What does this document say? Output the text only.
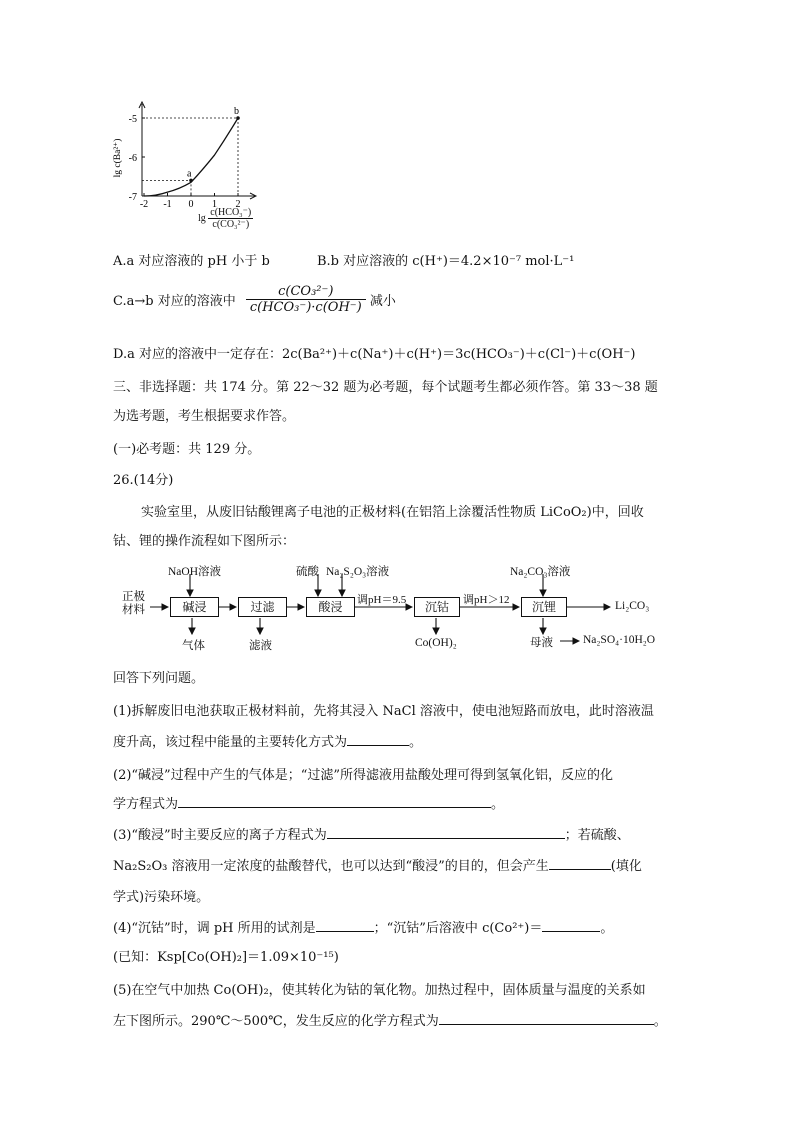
-5
-6
-7
-2 -1 0 1 2
a
b
lg c(Ba²⁺)
lg
c(HCO₃⁻)
c(CO₃²⁻)
A.a 对应溶液的 pH 小于 b	B.b 对应溶液的 c(H⁺)＝4.2×10⁻⁷ mol·L⁻¹
C.a→b 对应的溶液中 $\frac{\text{c(CO₃²⁻)}}{\text{c(HCO₃⁻)·c(OH⁻)}}$ 减小
D.a 对应的溶液中一定存在：2c(Ba²⁺)＋c(Na⁺)＋c(H⁺)＝3c(HCO₃⁻)＋c(Cl⁻)＋c(OH⁻)
三、非选择题：共 174 分。第 22～32 题为必考题，每个试题考生都必须作答。第 33～38 题
为选考题，考生根据要求作答。
(一)必考题：共 129 分。
26.(14分)
实验室里，从废旧钴酸锂离子电池的正极材料(在铝箔上涂覆活性物质 LiCoO₂)中，回收
钴、锂的操作流程如下图所示：
正极
材料
NaOH溶液	硫酸 Na₂S₂O₃溶液	Na₂CO₃溶液
碱浸	过滤	酸浸	沉钴	沉锂
调pH＝9.5	调pH＞12	Li₂CO₃
气体	滤液	Co(OH)₂	母液	Na₂SO₄·10H₂O
回答下列问题。
(1)拆解废旧电池获取正极材料前，先将其浸入 NaCl 溶液中，使电池短路而放电，此时溶液温
度升高，该过程中能量的主要转化方式为	。
(2)“碱浸”过程中产生的气体是；“过滤”所得滤液用盐酸处理可得到氢氧化铝，反应的化
学方程式为	。
(3)“酸浸”时主要反应的离子方程式为	；若硫酸、
Na₂S₂O₃ 溶液用一定浓度的盐酸替代，也可以达到“酸浸”的目的，但会产生	(填化
学式)污染环境。
(4)“沉钴”时，调 pH 所用的试剂是	；“沉钴”后溶液中 c(Co²⁺)＝	。
(已知：Ksp[Co(OH)₂]＝1.09×10⁻¹⁵)
(5)在空气中加热 Co(OH)₂，使其转化为钴的氧化物。加热过程中，固体质量与温度的关系如
左下图所示。290℃～500℃，发生反应的化学方程式为	。
